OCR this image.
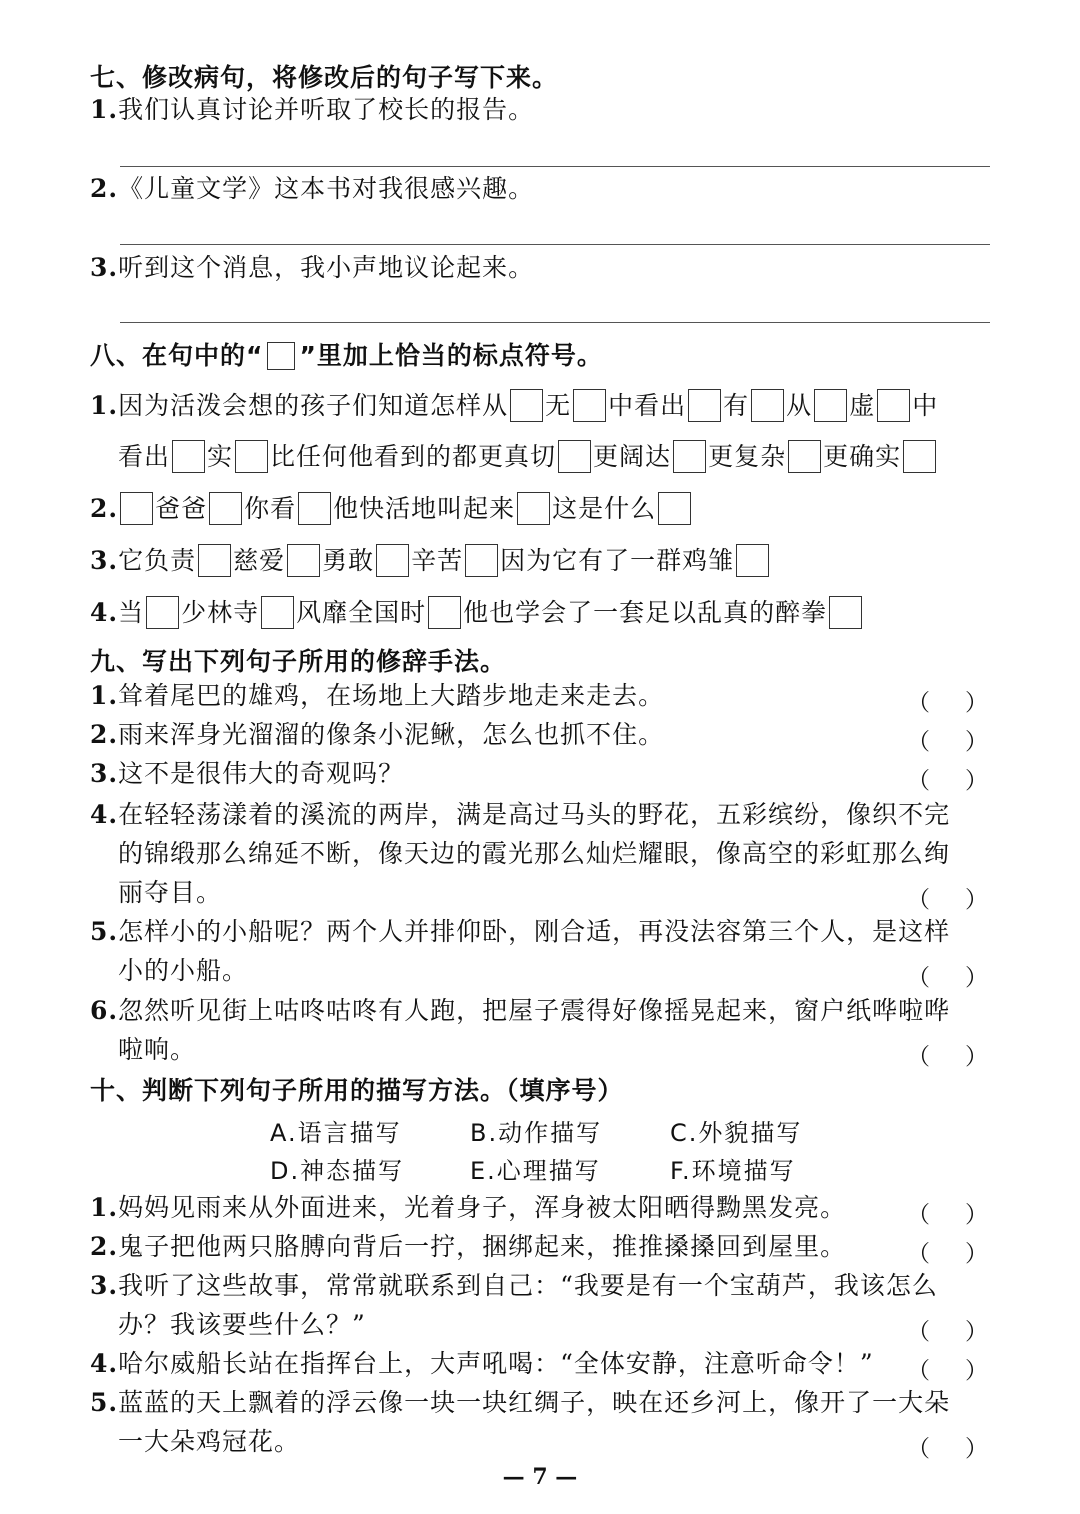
七、修改病句，将修改后的句子写下来。
1.我们认真讨论并听取了校长的报告。
2.《儿童文学》这本书对我很感兴趣。
3.听到这个消息，我小声地议论起来。
八、在句中的“ ”里加上恰当的标点符号。
1.因为活泼会想的孩子们知道怎样从 无 中看出 有 从 虚 中
看出 实 比任何他看到的都更真切 更阔达 更复杂 更确实
2. 爸爸 你看 他快活地叫起来 这是什么
3.它负责 慈爱 勇敢 辛苦 因为它有了一群鸡雏
4.当 少林寺 风靡全国时 他也学会了一套足以乱真的醉拳
九、写出下列句子所用的修辞手法。
1.耸着尾巴的雄鸡，在场地上大踏步地走来走去。	（ ）
2.雨来浑身光溜溜的像条小泥鳅，怎么也抓不住。	（ ）
3.这不是很伟大的奇观吗？	（ ）
4.在轻轻荡漾着的溪流的两岸，满是高过马头的野花，五彩缤纷，像织不完
的锦缎那么绵延不断，像天边的霞光那么灿烂耀眼，像高空的彩虹那么绚
丽夺目。	（ ）
5.怎样小的小船呢？两个人并排仰卧，刚合适，再没法容第三个人，是这样
小的小船。	（ ）
6.忽然听见街上咕咚咕咚有人跑，把屋子震得好像摇晃起来，窗户纸哗啦哗
啦响。	（ ）
十、判断下列句子所用的描写方法。（填序号）
A.语言描写	B.动作描写	C.外貌描写
D.神态描写	E.心理描写	F.环境描写
1.妈妈见雨来从外面进来，光着身子，浑身被太阳晒得黝黑发亮。	（ ）
2.鬼子把他两只胳膊向背后一拧，捆绑起来，推推搡搡回到屋里。	（ ）
3.我听了这些故事，常常就联系到自己：“我要是有一个宝葫芦，我该怎么
办？我该要些什么？”	（ ）
4.哈尔威船长站在指挥台上，大声吼喝：“全体安静，注意听命令！” （ ）
5.蓝蓝的天上飘着的浮云像一块一块红绸子，映在还乡河上，像开了一大朵
一大朵鸡冠花。	（ ）
— 7 —
